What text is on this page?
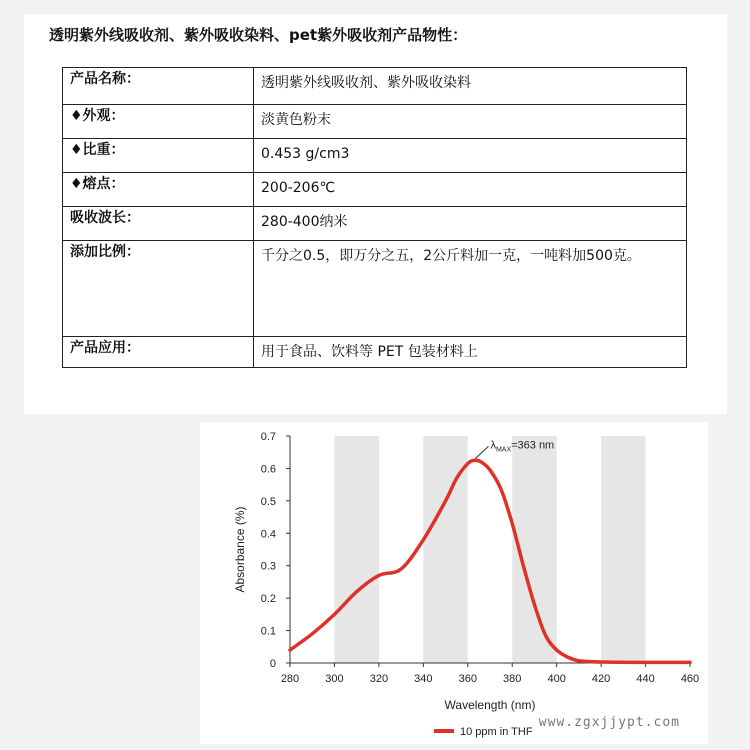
透明紫外线吸收剂、紫外吸收染料、pet紫外吸收剂产品物性：
产品名称：	透明紫外线吸收剂、紫外吸收染料
♦外观：	淡黄色粉末
♦比重：	0.453 g/cm3
♦熔点：	200-206℃
吸收波长：	280-400纳米
添加比例：	千分之0.5，即万分之五，2公斤料加一克，一吨料加500克。
产品应用：	用于食品、饮料等 PET 包装材料上
280 300 320 340 360 380 400 420 440 460
0
0.1
0.2
0.3
0.4
0.5
0.6
0.7
$\lambda_{MAX}=363$ nm
Wavelength (nm)
Absorbance (%)
10 ppm in THF
www.zgxjjypt.com
